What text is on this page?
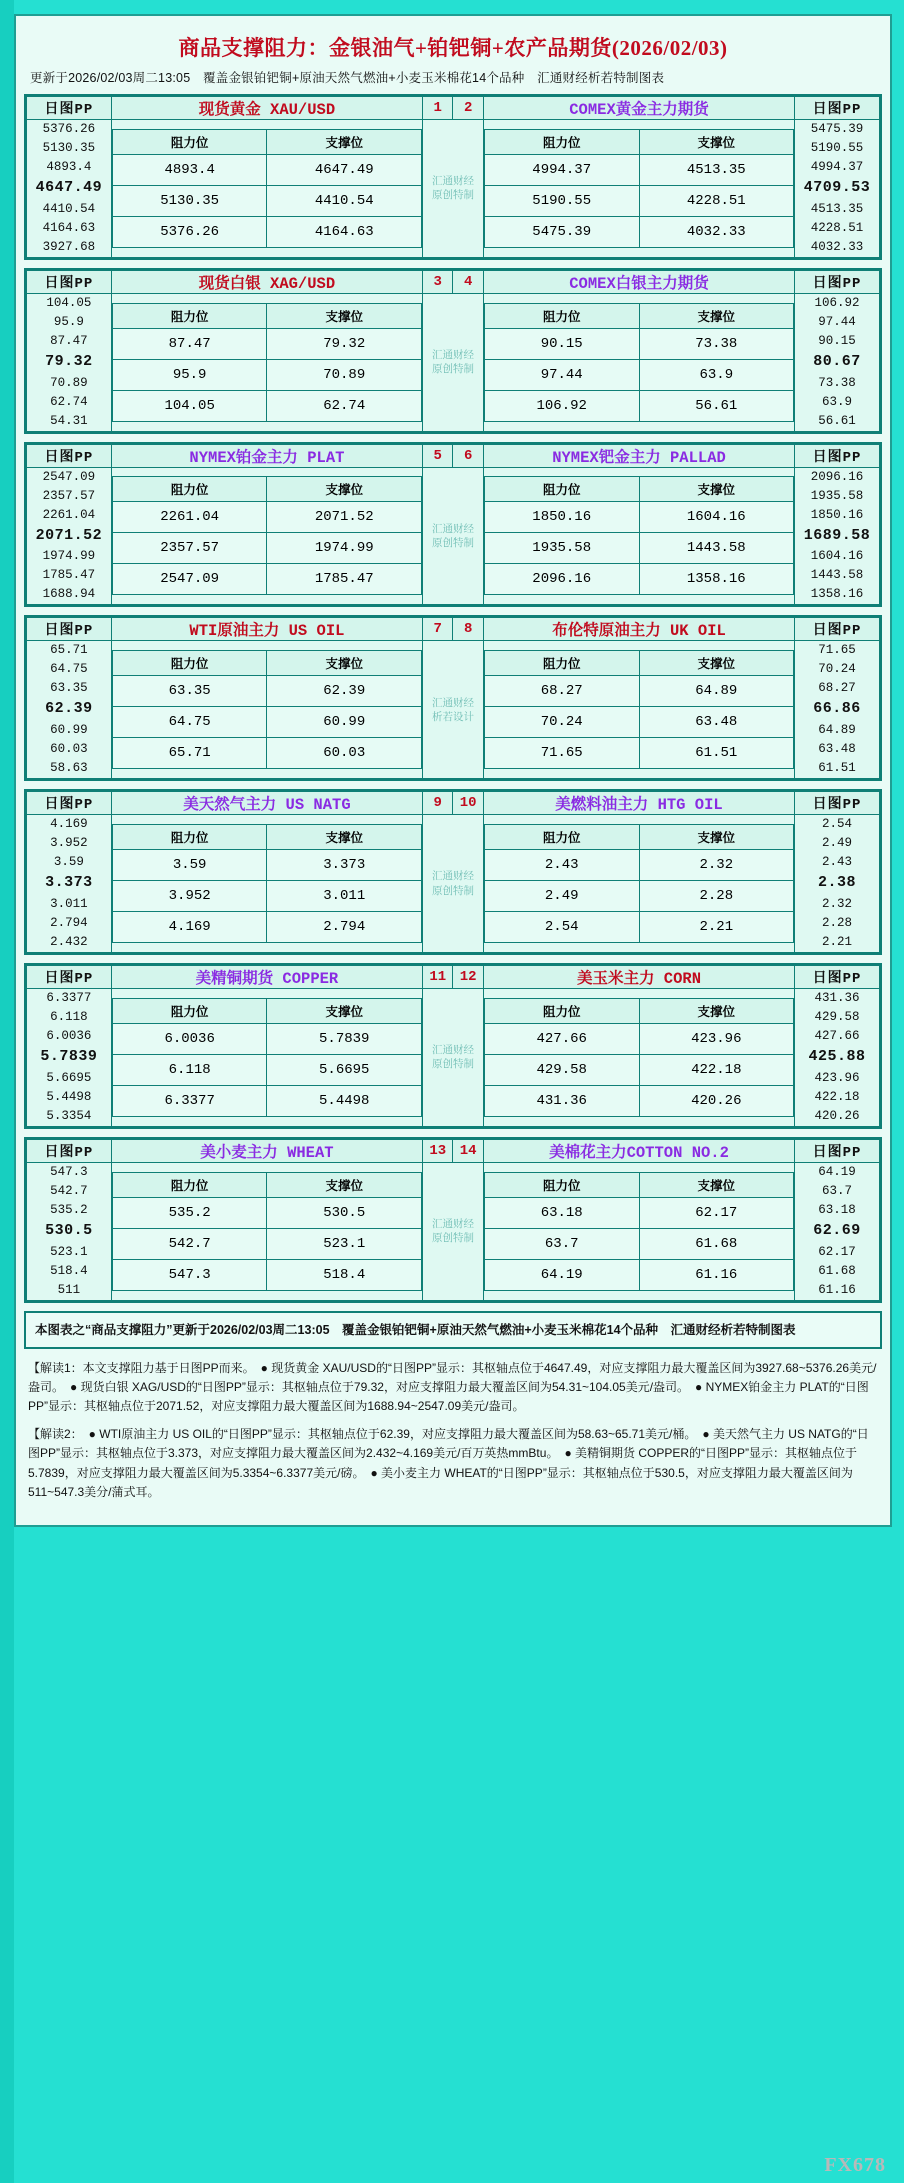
商品支撑阻力：金银油气+铂钯铜+农产品期货(2026/02/03)
更新于2026/02/03周二13:05　覆盖金银铂钯铜+原油天然气燃油+小麦玉米棉花14个品种　汇通财经析若特制图表
日图PP	现货黄金 XAU/USD	1	2	COMEX黄金主力期货	日图PP

5376.26
5130.35
4893.4
4647.49
4410.54
4164.63
3927.68

阻力位	支撑位
4893.4	4647.49
5130.35	4410.54
5376.26	4164.63

汇通财经
原创特制

阻力位	支撑位
4994.37	4513.35
5190.55	4228.51
5475.39	4032.33

5475.39
5190.55
4994.37
4709.53
4513.35
4228.51
4032.33
日图PP	现货白银 XAG/USD	3	4	COMEX白银主力期货	日图PP

104.05
95.9
87.47
79.32
70.89
62.74
54.31

阻力位	支撑位
87.47	79.32
95.9	70.89
104.05	62.74

汇通财经
原创特制

阻力位	支撑位
90.15	73.38
97.44	63.9
106.92	56.61

106.92
97.44
90.15
80.67
73.38
63.9
56.61
日图PP	NYMEX铂金主力 PLAT	5	6	NYMEX钯金主力 PALLAD	日图PP

2547.09
2357.57
2261.04
2071.52
1974.99
1785.47
1688.94

阻力位	支撑位
2261.04	2071.52
2357.57	1974.99
2547.09	1785.47

汇通财经
原创特制

阻力位	支撑位
1850.16	1604.16
1935.58	1443.58
2096.16	1358.16

2096.16
1935.58
1850.16
1689.58
1604.16
1443.58
1358.16
日图PP	WTI原油主力 US OIL	7	8	布伦特原油主力 UK OIL	日图PP

65.71
64.75
63.35
62.39
60.99
60.03
58.63

阻力位	支撑位
63.35	62.39
64.75	60.99
65.71	60.03

汇通财经
析若设计

阻力位	支撑位
68.27	64.89
70.24	63.48
71.65	61.51

71.65
70.24
68.27
66.86
64.89
63.48
61.51
日图PP	美天然气主力 US NATG	9	10	美燃料油主力 HTG OIL	日图PP

4.169
3.952
3.59
3.373
3.011
2.794
2.432

阻力位	支撑位
3.59	3.373
3.952	3.011
4.169	2.794

汇通财经
原创特制

阻力位	支撑位
2.43	2.32
2.49	2.28
2.54	2.21

2.54
2.49
2.43
2.38
2.32
2.28
2.21
日图PP	美精铜期货 COPPER	11	12	美玉米主力 CORN	日图PP

6.3377
6.118
6.0036
5.7839
5.6695
5.4498
5.3354

阻力位	支撑位
6.0036	5.7839
6.118	5.6695
6.3377	5.4498

汇通财经
原创特制

阻力位	支撑位
427.66	423.96
429.58	422.18
431.36	420.26

431.36
429.58
427.66
425.88
423.96
422.18
420.26
日图PP	美小麦主力 WHEAT	13	14	美棉花主力COTTON NO.2	日图PP

547.3
542.7
535.2
530.5
523.1
518.4
511

阻力位	支撑位
535.2	530.5
542.7	523.1
547.3	518.4

汇通财经
原创特制

阻力位	支撑位
63.18	62.17
63.7	61.68
64.19	61.16

64.19
63.7
63.18
62.69
62.17
61.68
61.16
本图表之“商品支撑阻力”更新于2026/02/03周二13:05　覆盖金银铂钯铜+原油天然气燃油+小麦玉米棉花14个品种　汇通财经析若特制图表

【解读1：本文支撑阻力基于日图PP而来。　● 现货黄金 XAU/USD的“日图PP”显示：其枢轴点位于4647.49，对应支撑阻力最大覆盖区间为3927.68~5376.26美元/盎司。　● 现货白银 XAG/USD的“日图PP”显示：其枢轴点位于79.32，对应支撑阻力最大覆盖区间为54.31~104.05美元/盎司。　● NYMEX铂金主力 PLAT的“日图PP”显示：其枢轴点位于2071.52，对应支撑阻力最大覆盖区间为1688.94~2547.09美元/盎司。

【解读2：　● WTI原油主力 US OIL的“日图PP”显示：其枢轴点位于62.39，对应支撑阻力最大覆盖区间为58.63~65.71美元/桶。　● 美天然气主力 US NATG的“日图PP”显示：其枢轴点位于3.373，对应支撑阻力最大覆盖区间为2.432~4.169美元/百万英热mmBtu。　● 美精铜期货 COPPER的“日图PP”显示：其枢轴点位于5.7839，对应支撑阻力最大覆盖区间为5.3354~6.3377美元/磅。　● 美小麦主力 WHEAT的“日图PP”显示：其枢轴点位于530.5，对应支撑阻力最大覆盖区间为511~547.3美分/蒲式耳。

FX678
